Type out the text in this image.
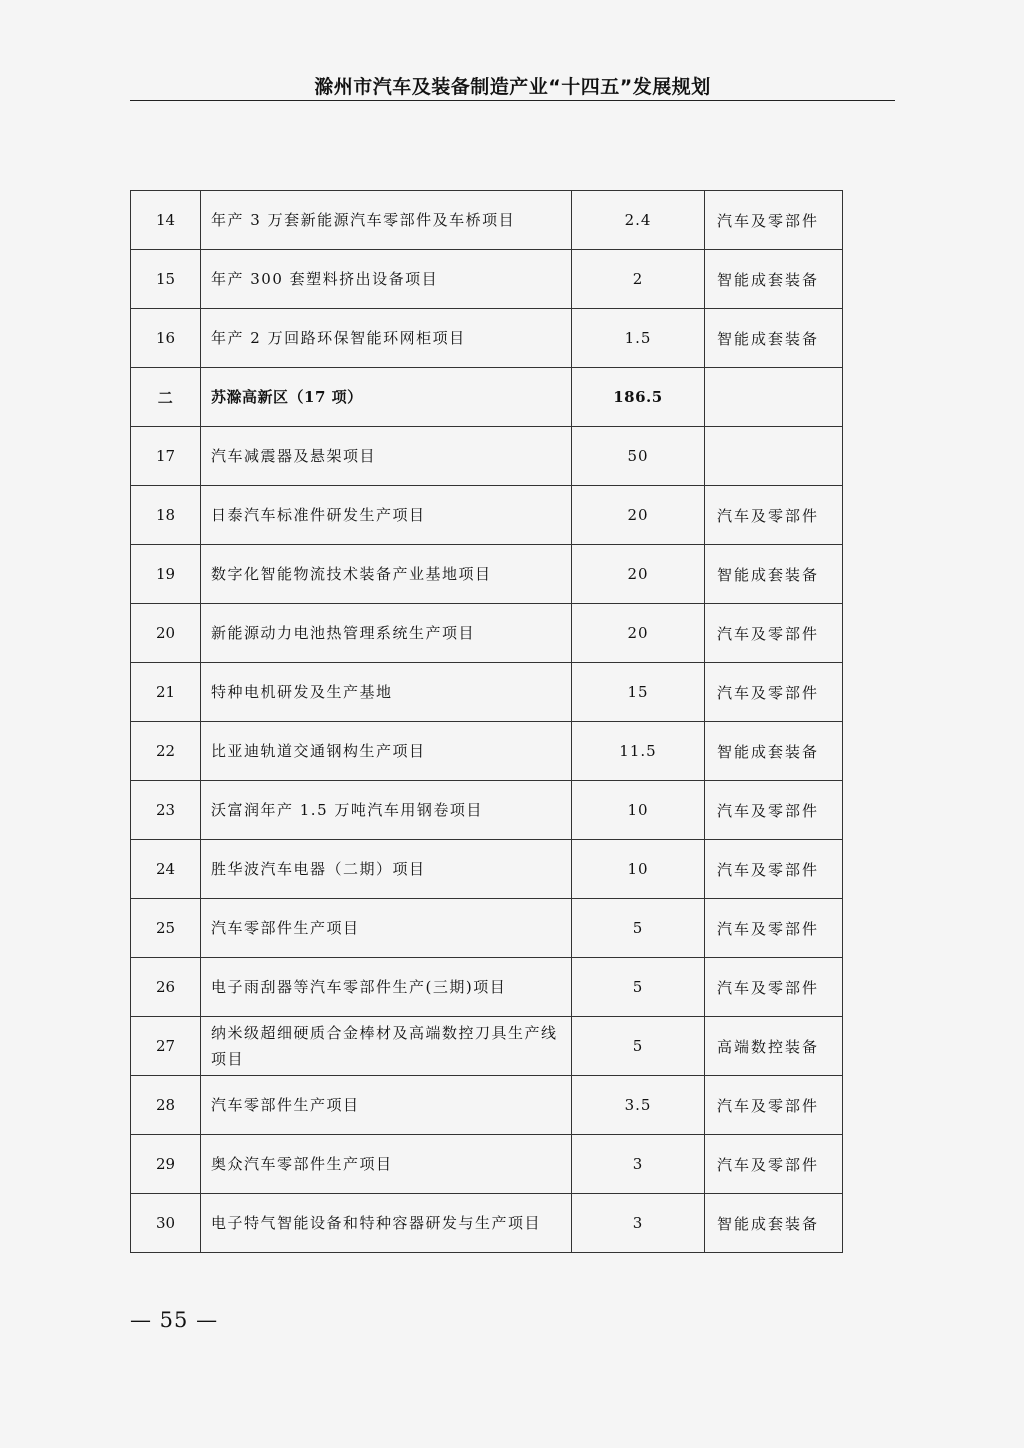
滁州市汽车及装备制造产业“十四五”发展规划
14	年产 3 万套新能源汽车零部件及车桥项目	2.4	汽车及零部件
15	年产 300 套塑料挤出设备项目	2	智能成套装备
16	年产 2 万回路环保智能环网柜项目	1.5	智能成套装备
二	苏滁高新区（17 项）	186.5	
17	汽车减震器及悬架项目	50	
18	日泰汽车标准件研发生产项目	20	汽车及零部件
19	数字化智能物流技术装备产业基地项目	20	智能成套装备
20	新能源动力电池热管理系统生产项目	20	汽车及零部件
21	特种电机研发及生产基地	15	汽车及零部件
22	比亚迪轨道交通钢构生产项目	11.5	智能成套装备
23	沃富润年产 1.5 万吨汽车用钢卷项目	10	汽车及零部件
24	胜华波汽车电器（二期）项目	10	汽车及零部件
25	汽车零部件生产项目	5	汽车及零部件
26	电子雨刮器等汽车零部件生产(三期)项目	5	汽车及零部件
27	纳米级超细硬质合金棒材及高端数控刀具生产线项目	5	高端数控装备
28	汽车零部件生产项目	3.5	汽车及零部件
29	奥众汽车零部件生产项目	3	汽车及零部件
30	电子特气智能设备和特种容器研发与生产项目	3	智能成套装备
— 55 —
